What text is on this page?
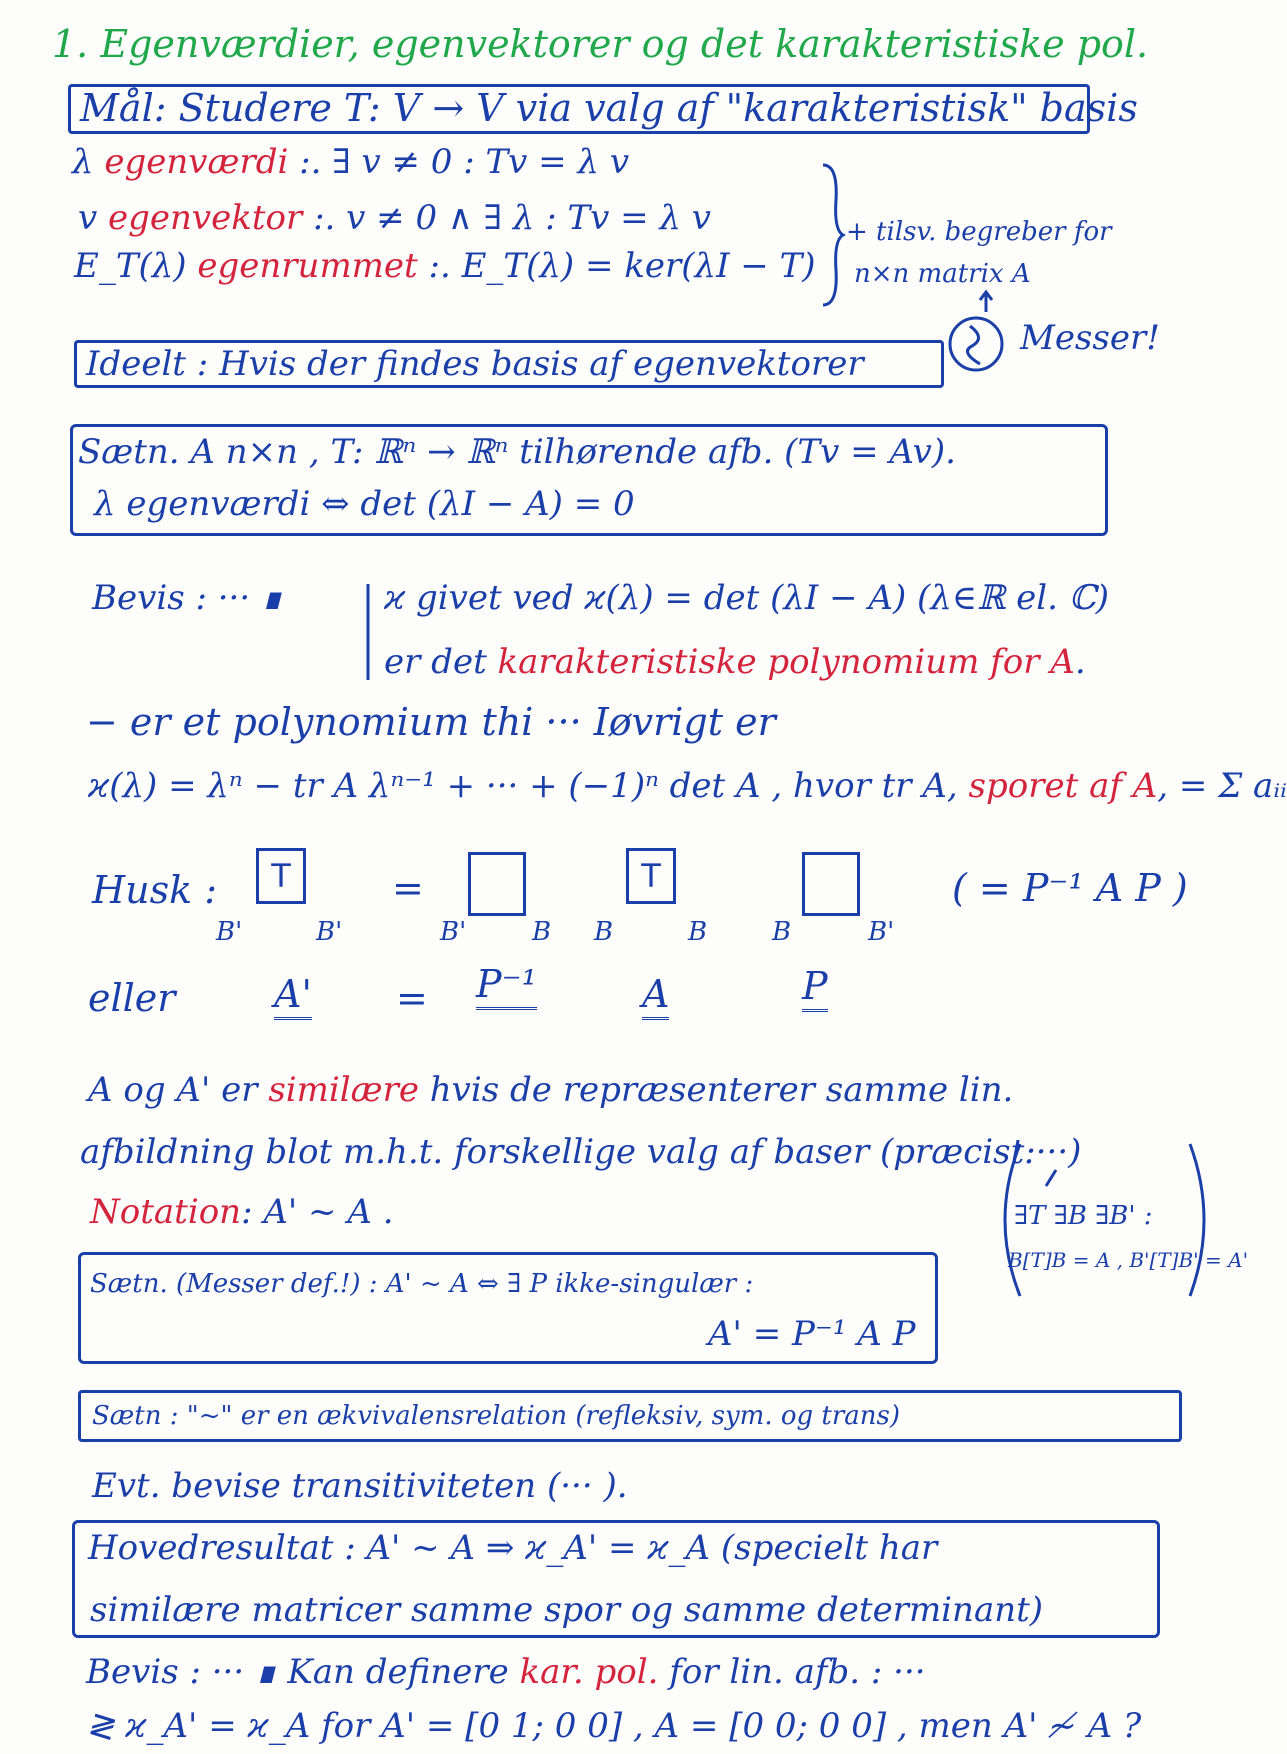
1. Egenværdier, egenvektorer og det karakteristiske pol.
Mål: Studere T: V → V via valg af "karakteristisk" basis
λ egenværdi :. ∃ v ≠ 0 : Tv = λ v
v egenvektor :. v ≠ 0 ∧ ∃ λ : Tv = λ v
E_T(λ) egenrummet :. E_T(λ) = ker(λI − T)
+ tilsv. begreber for
n×n matrix A
Messer!
Ideelt : Hvis der findes basis af egenvektorer
Sætn. A n×n , T: ℝⁿ → ℝⁿ tilhørende afb. (Tv = Av).
λ egenværdi ⇔ det (λI − A) = 0
Bevis : ··· ∎	𝜘 givet ved 𝜘(λ) = det (λI − A) (λ∈ℝ el. ℂ)
er det karakteristiske polynomium for A.
− er et polynomium thi ··· Iøvrigt er
𝜘(λ) = λⁿ − tr A λⁿ⁻¹ + ··· + (−1)ⁿ det A , hvor tr A, sporet af A, = Σ aᵢᵢ
Husk :
B'
T
B'
=
B'	B B
T
B B	B'
( = P⁻¹ A P )
eller	A' = P⁻¹	A	P
A og A' er similære hvis de repræsenterer samme lin.
afbildning blot m.h.t. forskellige valg af baser (præcist:···)
Notation: A' ~ A .	∃T ∃B ∃B' :
B[T]B = A , B'[T]B' = A'
Sætn. (Messer def.!) : A' ~ A ⇔ ∃ P ikke-singulær :
A' = P⁻¹ A P
Sætn : "~" er en ækvivalensrelation (refleksiv, sym. og trans)
Evt. bevise transitiviteten (··· ).
Hovedresultat : A' ~ A ⇒ 𝜘_A' = 𝜘_A (specielt har
similære matricer samme spor og samme determinant)
Bevis : ··· ∎ Kan definere kar. pol. for lin. afb. : ···
≷ 𝜘_A' = 𝜘_A for A' = [0 1; 0 0] , A = [0 0; 0 0] , men A' ≁ A ?
